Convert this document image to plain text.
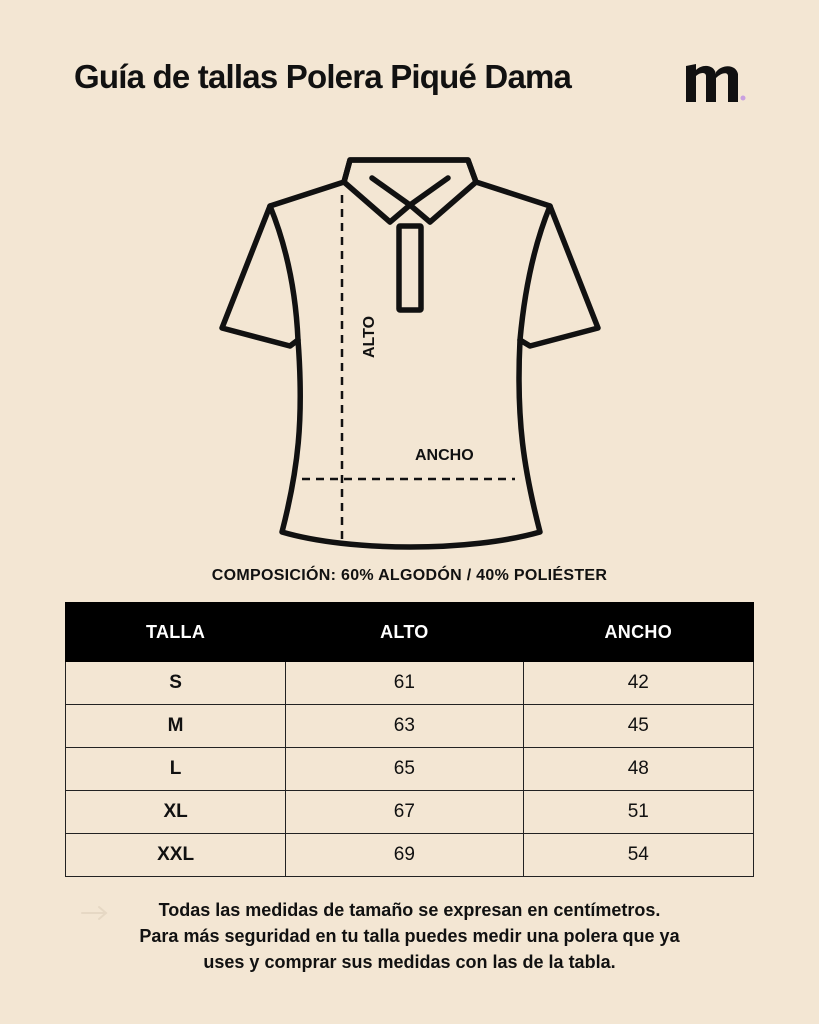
Guía de tallas Polera Piqué Dama
ALTO
ANCHO
COMPOSICIÓN: 60% ALGODÓN / 40% POLIÉSTER
TALLA	ALTO	ANCHO
S	61	42
M	63	45
L	65	48
XL	67	51
XXL	69	54
Todas las medidas de tamaño se expresan en centímetros.
Para más seguridad en tu talla puedes medir una polera que ya
uses y comprar sus medidas con las de la tabla.
